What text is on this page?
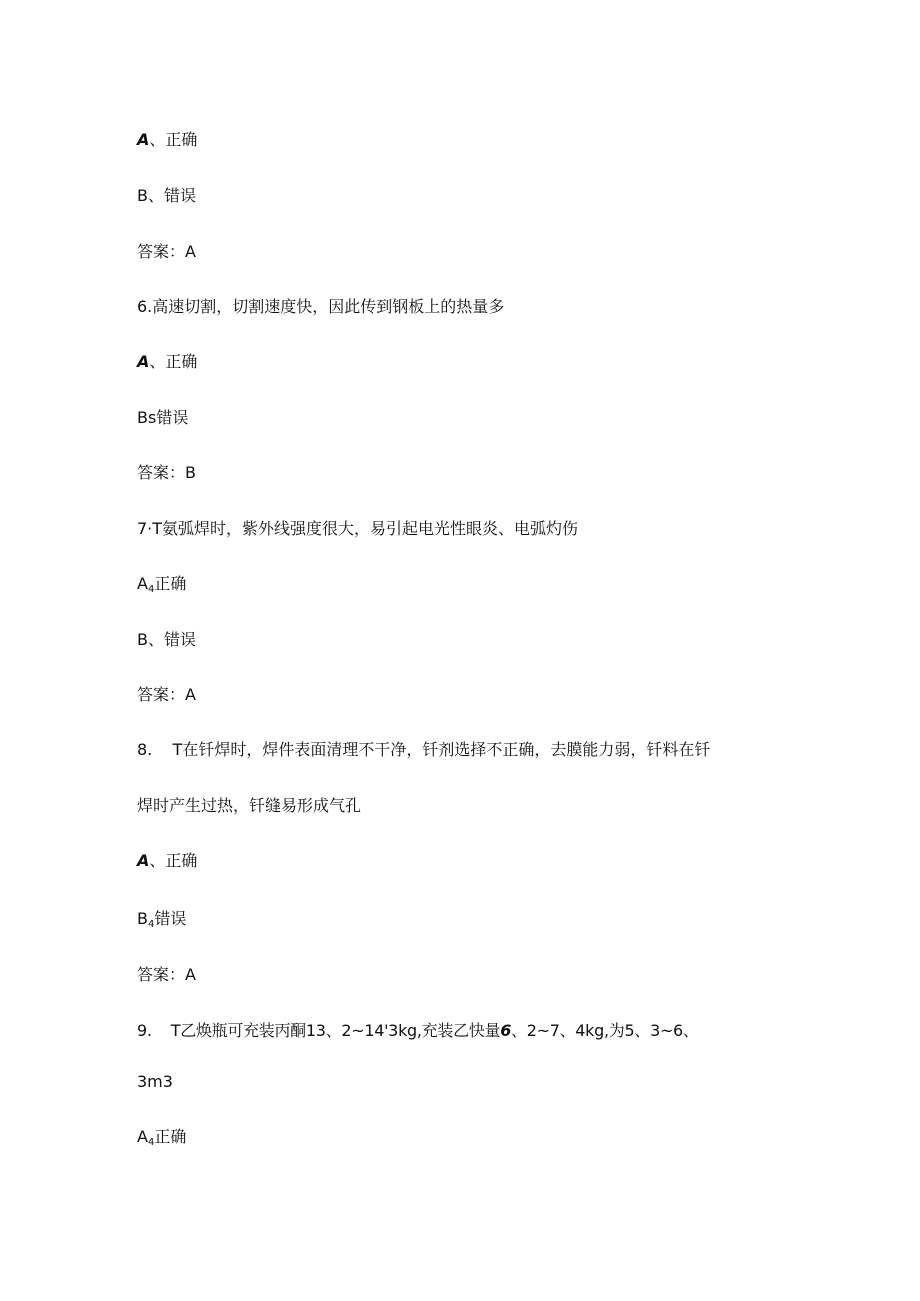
A、正确
B、错误
答案：A
6.高速切割，切割速度快，因此传到钢板上的热量多
A、正确
Bs错误
答案：B
7·T氨弧焊时，紫外线强度很大，易引起电光性眼炎、电弧灼伤
$A_4$正确
B、错误
答案：A
8.    T在钎焊时，焊件表面清理不干净，钎剂选择不正确，去膜能力弱，钎料在钎
焊时产生过热，钎缝易形成气孔
A、正确
$B_4$错误
答案：A
9.    T乙焕瓶可充装丙酮13、2~14'3kg,充装乙快量6、2~7、4kg,为5、3~6、
3m3
$A_4$正确
